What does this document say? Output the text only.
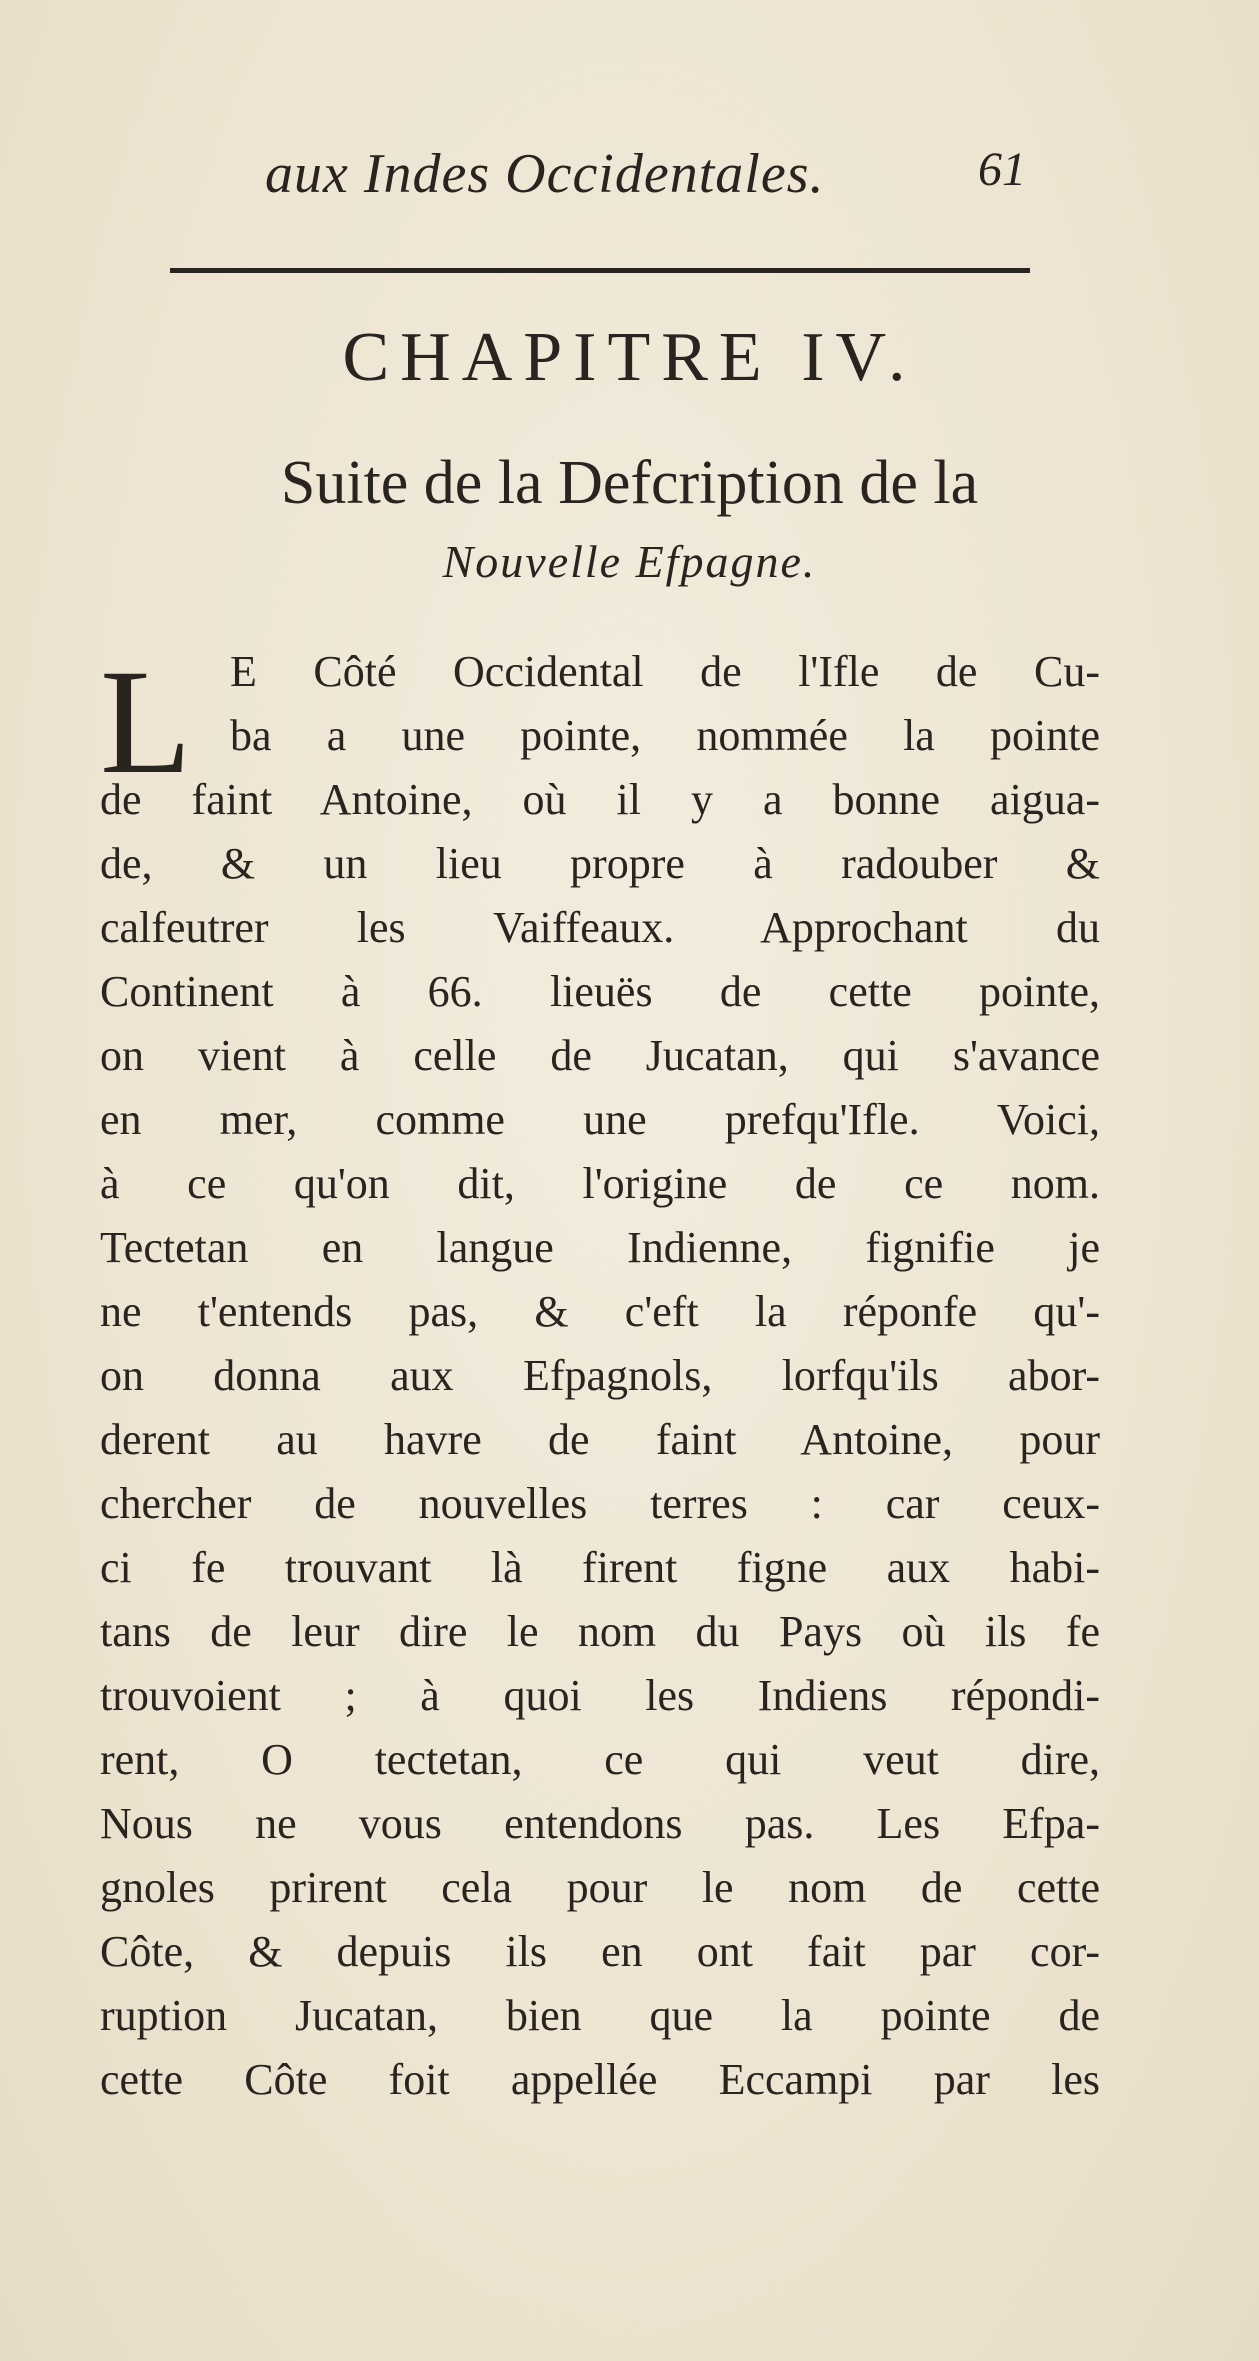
aux Indes Occidentales.	61
CHAPITRE IV.
Suite de la Defcription de la
Nouvelle Efpagne.
L E Côté Occidental de l'Ifle de Cu-
ba a une pointe, nommée la pointe
de faint Antoine, où il y a bonne aigua-
de, & un lieu propre à radouber &
calfeutrer les Vaiffeaux. Approchant du
Continent à 66. lieuës de cette pointe,
on vient à celle de Jucatan, qui s'avance
en mer, comme une prefqu'Ifle. Voici,
à ce qu'on dit, l'origine de ce nom.
Tectetan en langue Indienne, fignifie je
ne t'entends pas, & c'eft la réponfe qu'-
on donna aux Efpagnols, lorfqu'ils abor-
derent au havre de faint Antoine, pour
chercher de nouvelles terres : car ceux-
ci fe trouvant là firent figne aux habi-
tans de leur dire le nom du Pays où ils fe
trouvoient ; à quoi les Indiens répondi-
rent, O tectetan, ce qui veut dire,
Nous ne vous entendons pas. Les Efpa-
gnoles prirent cela pour le nom de cette
Côte, & depuis ils en ont fait par cor-
ruption Jucatan, bien que la pointe de
cette Côte foit appellée Eccampi par les
